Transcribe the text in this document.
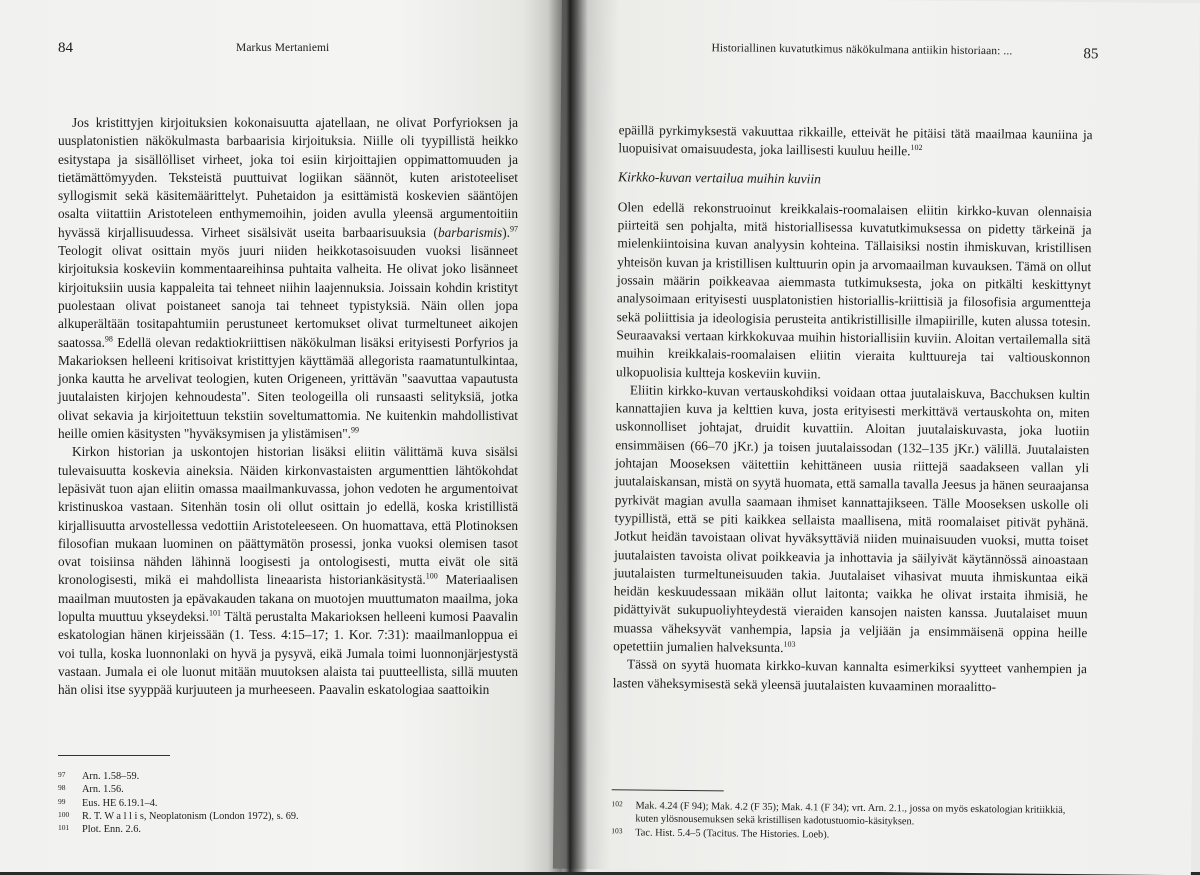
84	Markus Mertaniemi

Jos kristittyjen kirjoituksien kokonaisuutta ajatellaan, ne olivat Porfyrioksen ja uusplatonistien näkökulmasta barbaarisia kirjoituksia. Niille oli tyypillistä heikko esitystapa ja sisällölliset virheet, joka toi esiin kirjoittajien oppimattomuuden ja tietämättömyyden. Teksteistä puuttuivat logiikan säännöt, kuten aristoteeliset syllogismit sekä käsitemäärittelyt. Puhetaidon ja esittämistä koskevien sääntöjen osalta viitattiin Aristoteleen enthymemoihin, joiden avulla yleensä argumentoitiin hyvässä kirjallisuudessa. Virheet sisälsivät useita barbaarisuuksia (barbarismis).$^{97}$ Teologit olivat osittain myös juuri niiden heikkotasoisuuden vuoksi lisänneet kirjoituksia koskeviin kommentaareihinsa puhtaita valheita. He olivat joko lisänneet kirjoituksiin uusia kappaleita tai tehneet niihin laajennuksia. Joissain kohdin kristityt puolestaan olivat poistaneet sanoja tai tehneet typistyksiä. Näin ollen jopa alkuperältään tositapahtumiin perustuneet kertomukset olivat turmeltuneet aikojen saatossa.$^{98}$ Edellä olevan redaktiokriittisen näkökulman lisäksi erityisesti Porfyrios ja Makarioksen helleeni kritisoivat kristittyjen käyttämää allegorista raamatuntulkintaa, jonka kautta he arvelivat teologien, kuten Origeneen, yrittävän "saavuttaa vapautusta juutalaisten kirjojen kehnoudesta". Siten teologeilla oli runsaasti selityksiä, jotka olivat sekavia ja kirjoitettuun tekstiin soveltumattomia. Ne kuitenkin mahdollistivat heille omien käsitysten "hyväksymisen ja ylistämisen".$^{99}$

Kirkon historian ja uskontojen historian lisäksi eliitin välittämä kuva sisälsi tulevaisuutta koskevia aineksia. Näiden kirkonvastaisten argumenttien lähtökohdat lepäsivät tuon ajan eliitin omassa maailmankuvassa, johon vedoten he argumentoivat kristinuskoa vastaan. Sitenhän tosin oli ollut osittain jo edellä, koska kristillistä kirjallisuutta arvostellessa vedottiin Aristoteleeseen. On huomattava, että Plotinoksen filosofian mukaan luominen on päättymätön prosessi, jonka vuoksi olemisen tasot ovat toisiinsa nähden lähinnä loogisesti ja ontologisesti, mutta eivät ole sitä kronologisesti, mikä ei mahdollista lineaarista historiankäsitystä.$^{100}$ Materiaalisen maailman muutosten ja epävakauden takana on muotojen muuttumaton maailma, joka lopulta muuttuu ykseydeksi.$^{101}$ Tältä perustalta Makarioksen helleeni kumosi Paavalin eskatologian hänen kirjeissään (1. Tess. 4:15–17; 1. Kor. 7:31): maailmanloppua ei voi tulla, koska luonnonlaki on hyvä ja pysyvä, eikä Jumala toimi luonnonjärjestystä vastaan. Jumala ei ole luonut mitään muutoksen alaista tai puutteellista, sillä muuten hän olisi itse syyppää kurjuuteen ja murheeseen. Paavalin eskatologiaa saattoikin

97	Arn. 1.58–59.
98	Arn. 1.56.
99	Eus. HE 6.19.1–4.
100	R. T. W a l l i s, Neoplatonism (London 1972), s. 69.
101	Plot. Enn. 2.6.
Historiallinen kuvatutkimus näkökulmana antiikin historiaan: ...	85

epäillä pyrkimyksestä vakuuttaa rikkaille, etteivät he pitäisi tätä maailmaa kauniina ja luopuisivat omaisuudesta, joka laillisesti kuuluu heille.$^{102}$

Kirkko-kuvan vertailua muihin kuviin

Olen edellä rekonstruoinut kreikkalais-roomalaisen eliitin kirkko-kuvan olennaisia piirteitä sen pohjalta, mitä historiallisessa kuvatutkimuksessa on pidetty tärkeinä ja mielenkiintoisina kuvan analyysin kohteina. Tällaisiksi nostin ihmiskuvan, kristillisen yhteisön kuvan ja kristillisen kulttuurin opin ja arvomaailman kuvauksen. Tämä on ollut jossain määrin poikkeavaa aiemmasta tutkimuksesta, joka on pitkälti keskittynyt analysoimaan erityisesti uusplatonistien historiallis-kriittisiä ja filosofisia argumentteja sekä poliittisia ja ideologisia perusteita antikristillisille ilmapiirille, kuten alussa totesin. Seuraavaksi vertaan kirkkokuvaa muihin historiallisiin kuviin. Aloitan vertailemalla sitä muihin kreikkalais-roomalaisen eliitin vieraita kulttuureja tai valtiouskonnon ulkopuolisia kultteja koskeviin kuviin.

Eliitin kirkko-kuvan vertauskohdiksi voidaan ottaa juutalaiskuva, Bacchuksen kultin kannattajien kuva ja kelttien kuva, josta erityisesti merkittävä vertauskohta on, miten uskonnolliset johtajat, druidit kuvattiin. Aloitan juutalaiskuvasta, joka luotiin ensimmäisen (66–70 jKr.) ja toisen juutalaissodan (132–135 jKr.) välillä. Juutalaisten johtajan Mooseksen väitettiin kehittäneen uusia riittejä saadakseen vallan yli juutalaiskansan, mistä on syytä huomata, että samalla tavalla Jeesus ja hänen seuraajansa pyrkivät magian avulla saamaan ihmiset kannattajikseen. Tälle Mooseksen uskolle oli tyypillistä, että se piti kaikkea sellaista maallisena, mitä roomalaiset pitivät pyhänä. Jotkut heidän tavoistaan olivat hyväksyttäviä niiden muinaisuuden vuoksi, mutta toiset juutalaisten tavoista olivat poikkeavia ja inhottavia ja säilyivät käytännössä ainoastaan juutalaisten turmeltuneisuuden takia. Juutalaiset vihasivat muuta ihmiskuntaa eikä heidän keskuudessaan mikään ollut laitonta; vaikka he olivat irstaita ihmisiä, he pidättyivät sukupuoliyhteydestä vieraiden kansojen naisten kanssa. Juutalaiset muun muassa väheksyvät vanhempia, lapsia ja veljiään ja ensimmäisenä oppina heille opetettiin jumalien halveksunta.$^{103}$

Tässä on syytä huomata kirkko-kuvan kannalta esimerkiksi syytteet vanhempien ja lasten väheksymisestä sekä yleensä juutalaisten kuvaaminen moraalitto-

102	Mak. 4.24 (F 94); Mak. 4.2 (F 35); Mak. 4.1 (F 34); vrt. Arn. 2.1., jossa on myös eskatologian kritiikkiä, kuten ylösnousemuksen sekä kristillisen kadotustuomio-käsityksen.
103	Tac. Hist. 5.4–5 (Tacitus. The Histories. Loeb).
